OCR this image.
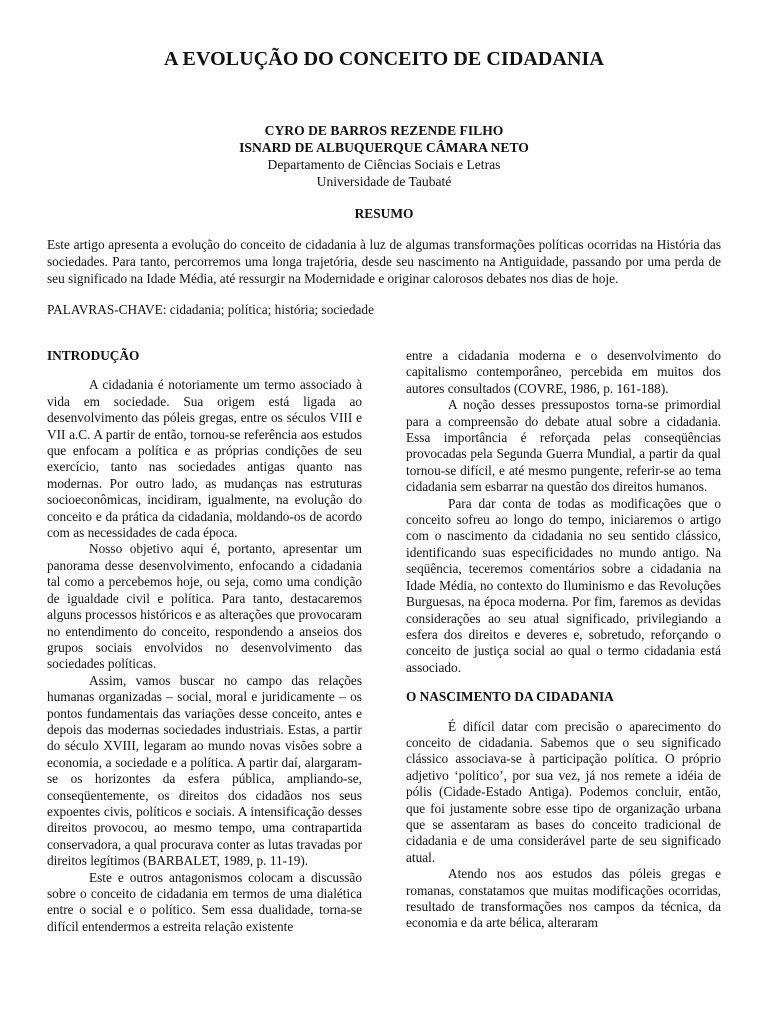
A EVOLUÇÃO DO CONCEITO DE CIDADANIA
CYRO DE BARROS REZENDE FILHO
ISNARD DE ALBUQUERQUE CÂMARA NETO
Departamento de Ciências Sociais e Letras
Universidade de Taubaté
RESUMO

Este artigo apresenta a evolução do conceito de cidadania à luz de algumas transformações políticas ocorridas na História das sociedades. Para tanto, percorremos uma longa trajetória, desde seu nascimento na Antiguidade, passando por uma perda de seu significado na Idade Média, até ressurgir na Modernidade e originar calorosos debates nos dias de hoje.

PALAVRAS-CHAVE: cidadania; política; história; sociedade

INTRODUÇÃO

A cidadania é notoriamente um termo associado à vida em sociedade. Sua origem está ligada ao desenvolvimento das póleis gregas, entre os séculos VIII e VII a.C. A partir de então, tornou-se referência aos estudos que enfocam a política e as próprias condições de seu exercício, tanto nas sociedades antigas quanto nas modernas. Por outro lado, as mudanças nas estruturas socioeconômicas, incidiram, igualmente, na evolução do conceito e da prática da cidadania, moldando-os de acordo com as necessidades de cada época.

Nosso objetivo aqui é, portanto, apresentar um panorama desse desenvolvimento, enfocando a cidadania tal como a percebemos hoje, ou seja, como uma condição de igualdade civil e política. Para tanto, destacaremos alguns processos históricos e as alterações que provocaram no entendimento do conceito, respondendo a anseios dos grupos sociais envolvidos no desenvolvimento das sociedades políticas.

Assim, vamos buscar no campo das relações humanas organizadas – social, moral e juridicamente – os pontos fundamentais das variações desse conceito, antes e depois das modernas sociedades industriais. Estas, a partir do século XVIII, legaram ao mundo novas visões sobre a economia, a sociedade e a política. A partir daí, alargaram-se os horizontes da esfera pública, ampliando-se, conseqüentemente, os direitos dos cidadãos nos seus expoentes civis, políticos e sociais. A intensificação desses direitos provocou, ao mesmo tempo, uma contrapartida conservadora, a qual procurava conter as lutas travadas por direitos legítimos (BARBALET, 1989, p. 11-19).

Este e outros antagonismos colocam a discussão sobre o conceito de cidadania em termos de uma dialética entre o social e o político. Sem essa dualidade, torna-se difícil entendermos a estreita relação existente

entre a cidadania moderna e o desenvolvimento do capitalismo contemporâneo, percebida em muitos dos autores consultados (COVRE, 1986, p. 161-188).

A noção desses pressupostos torna-se primordial para a compreensão do debate atual sobre a cidadania. Essa importância é reforçada pelas conseqüências provocadas pela Segunda Guerra Mundial, a partir da qual tornou-se difícil, e até mesmo pungente, referir-se ao tema cidadania sem esbarrar na questão dos direitos humanos.

Para dar conta de todas as modificações que o conceito sofreu ao longo do tempo, iniciaremos o artigo com o nascimento da cidadania no seu sentido clássico, identificando suas especificidades no mundo antigo. Na seqüência, teceremos comentários sobre a cidadania na Idade Média, no contexto do Iluminismo e das Revoluções Burguesas, na época moderna. Por fim, faremos as devidas considerações ao seu atual significado, privilegiando a esfera dos direitos e deveres e, sobretudo, reforçando o conceito de justiça social ao qual o termo cidadania está associado.

O NASCIMENTO DA CIDADANIA

É difícil datar com precisão o aparecimento do conceito de cidadania. Sabemos que o seu significado clássico associava-se à participação política. O próprio adjetivo ‘político’, por sua vez, já nos remete a idéia de pólis (Cidade-Estado Antiga). Podemos concluir, então, que foi justamente sobre esse tipo de organização urbana que se assentaram as bases do conceito tradicional de cidadania e de uma considerável parte de seu significado atual.

Atendo nos aos estudos das póleis gregas e romanas, constatamos que muitas modificações ocorridas, resultado de transformações nos campos da técnica, da economia e da arte bélica, alteraram
